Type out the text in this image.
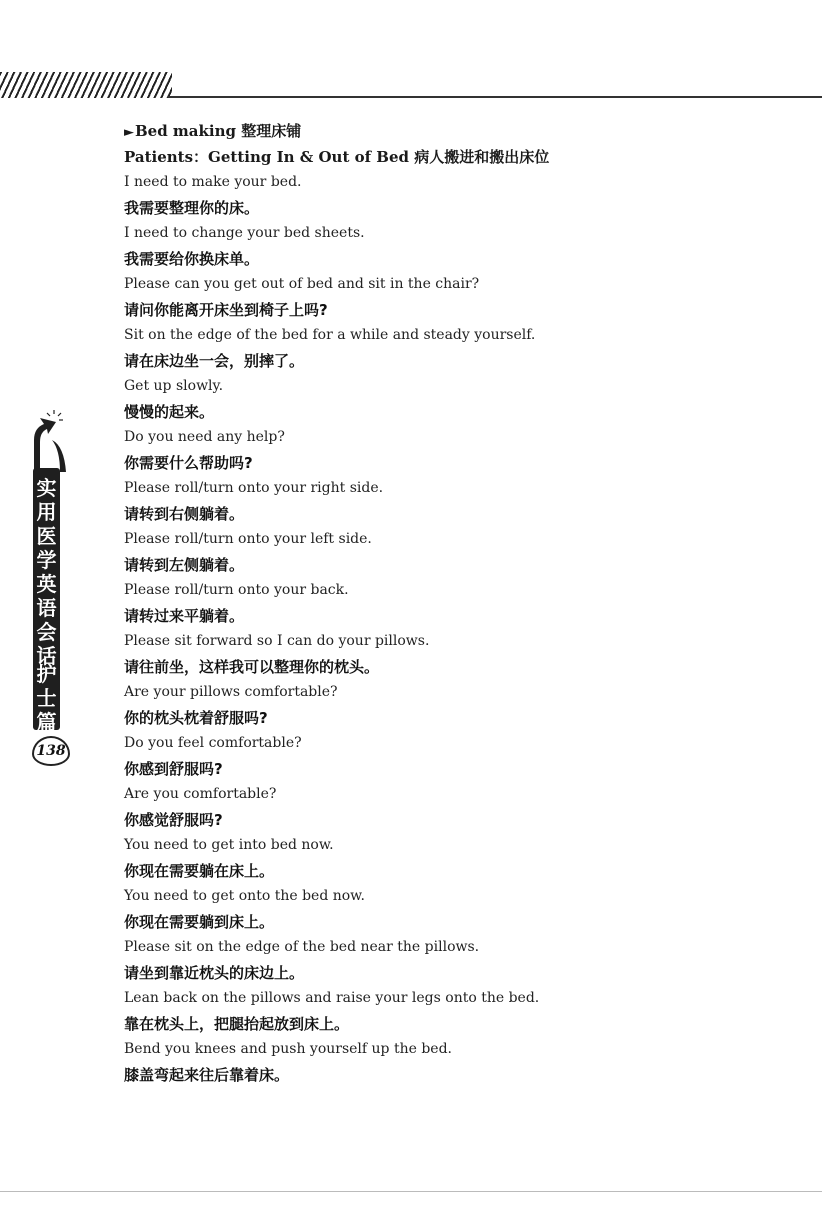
实用医学英语会话
护士篇
138
►Bed making 整理床铺
Patients：Getting In & Out of Bed 病人搬进和搬出床位
I need to make your bed.
我需要整理你的床。
I need to change your bed sheets.
我需要给你换床单。
Please can you get out of bed and sit in the chair?
请问你能离开床坐到椅子上吗?
Sit on the edge of the bed for a while and steady yourself.
请在床边坐一会，别摔了。
Get up slowly.
慢慢的起来。
Do you need any help?
你需要什么帮助吗?
Please roll/turn onto your right side.
请转到右侧躺着。
Please roll/turn onto your left side.
请转到左侧躺着。
Please roll/turn onto your back.
请转过来平躺着。
Please sit forward so I can do your pillows.
请往前坐，这样我可以整理你的枕头。
Are your pillows comfortable?
你的枕头枕着舒服吗?
Do you feel comfortable?
你感到舒服吗?
Are you comfortable?
你感觉舒服吗?
You need to get into bed now.
你现在需要躺在床上。
You need to get onto the bed now.
你现在需要躺到床上。
Please sit on the edge of the bed near the pillows.
请坐到靠近枕头的床边上。
Lean back on the pillows and raise your legs onto the bed.
靠在枕头上，把腿抬起放到床上。
Bend you knees and push yourself up the bed.
膝盖弯起来往后靠着床。
